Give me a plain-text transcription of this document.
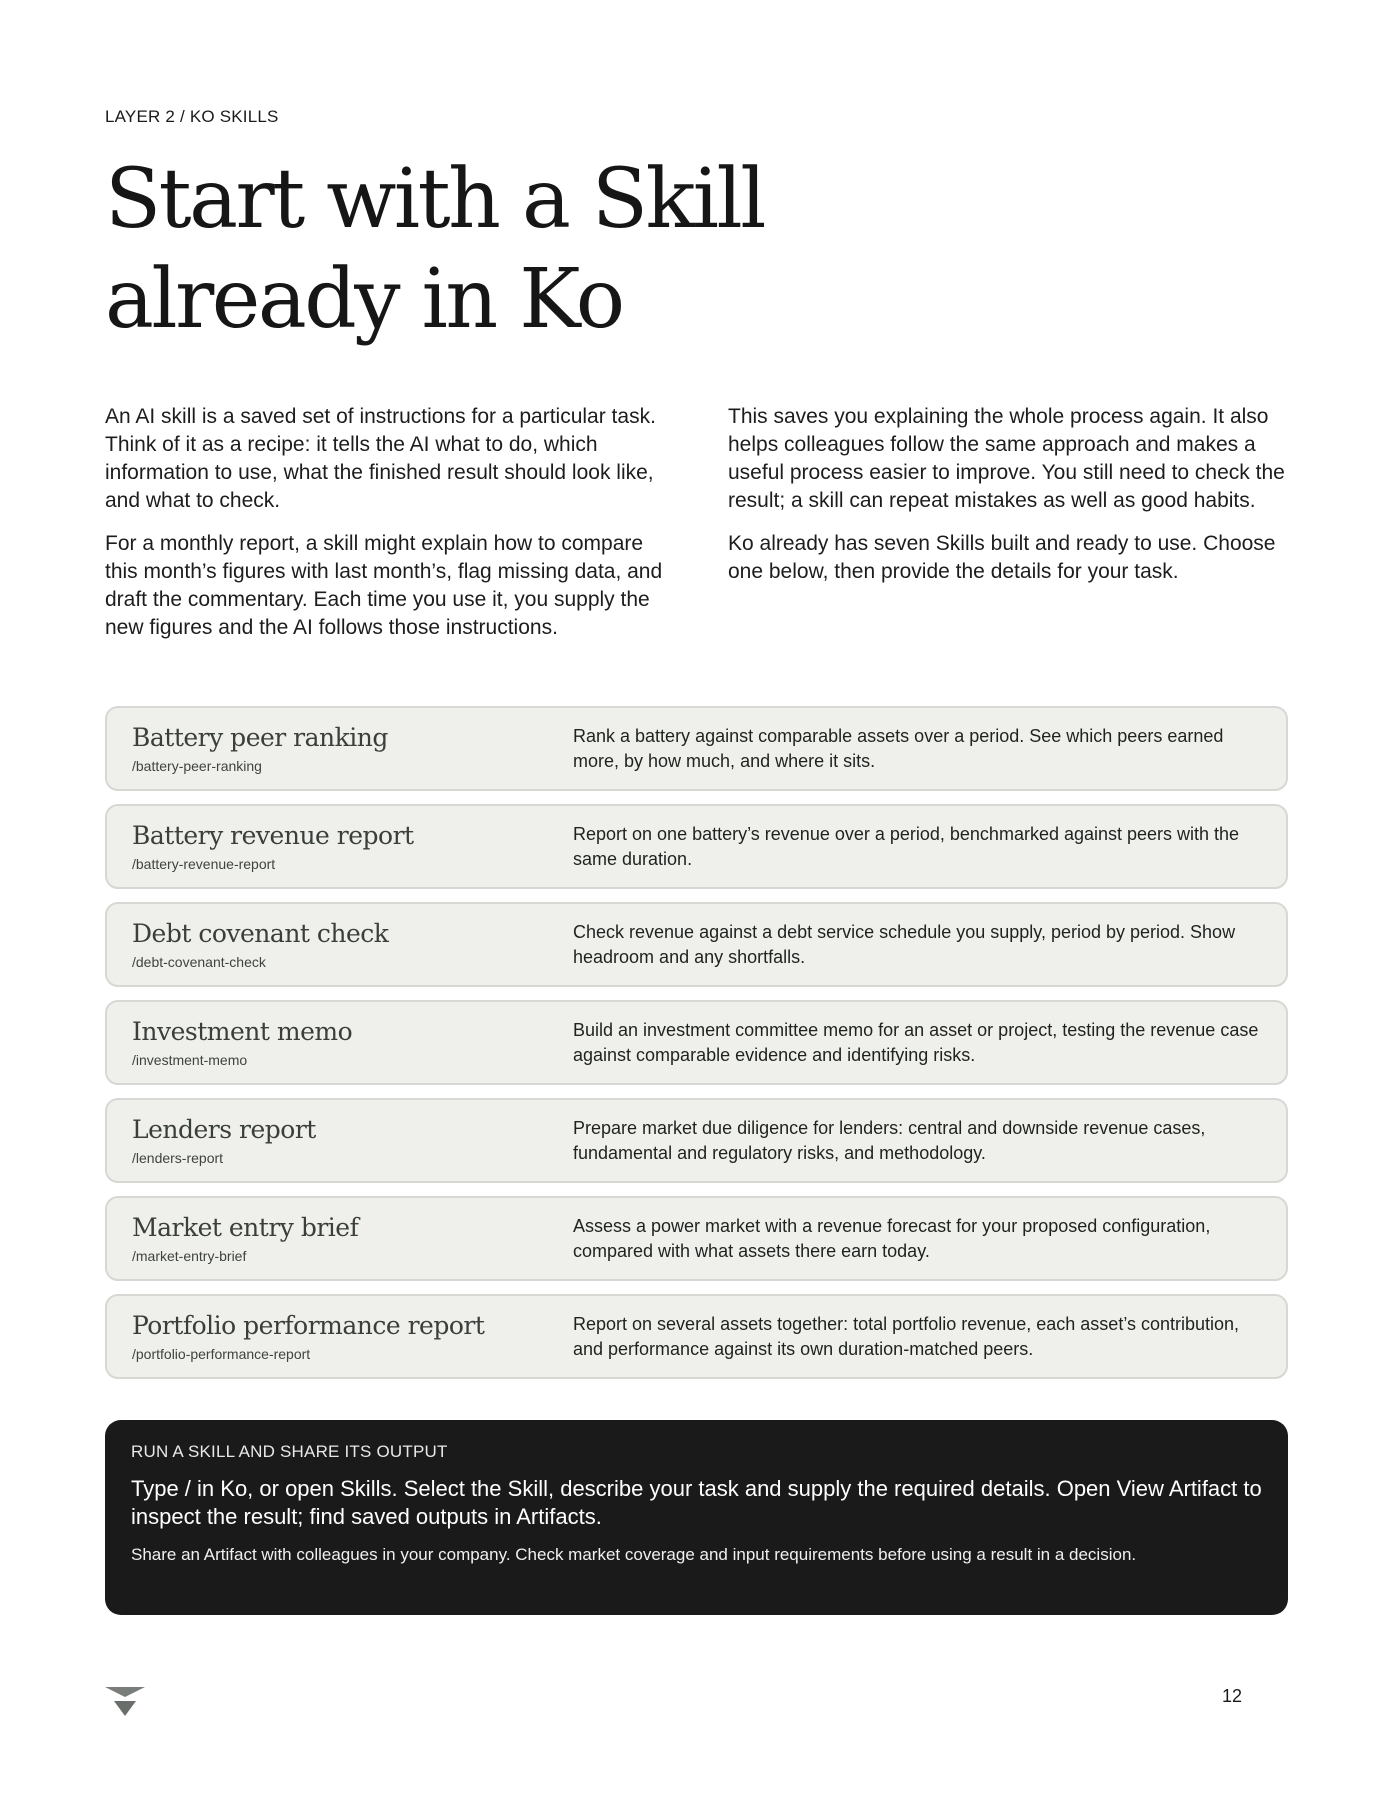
LAYER 2 / KO SKILLS
Start with a Skill
already in Ko

An AI skill is a saved set of instructions for a particular task. Think of it as a recipe: it tells the AI what to do, which information to use, what the finished result should look like, and what to check.

For a monthly report, a skill might explain how to compare this month’s figures with last month’s, flag missing data, and draft the commentary. Each time you use it, you supply the new figures and the AI follows those instructions.

This saves you explaining the whole process again. It also helps colleagues follow the same approach and makes a useful process easier to improve. You still need to check the result; a skill can repeat mistakes as well as good habits.

Ko already has seven Skills built and ready to use. Choose one below, then provide the details for your task.

Battery peer ranking
/battery-peer-ranking
Rank a battery against comparable assets over a period. See which peers earned more, by how much, and where it sits.
Battery revenue report
/battery-revenue-report
Report on one battery’s revenue over a period, benchmarked against peers with the same duration.
Debt covenant check
/debt-covenant-check
Check revenue against a debt service schedule you supply, period by period. Show headroom and any shortfalls.
Investment memo
/investment-memo
Build an investment committee memo for an asset or project, testing the revenue case against comparable evidence and identifying risks.
Lenders report
/lenders-report
Prepare market due diligence for lenders: central and downside revenue cases, fundamental and regulatory risks, and methodology.
Market entry brief
/market-entry-brief
Assess a power market with a revenue forecast for your proposed configuration, compared with what assets there earn today.
Portfolio performance report
/portfolio-performance-report
Report on several assets together: total portfolio revenue, each asset’s contribution, and performance against its own duration-matched peers.
RUN A SKILL AND SHARE ITS OUTPUT
Type / in Ko, or open Skills. Select the Skill, describe your task and supply the required details. Open View Artifact to inspect the result; find saved outputs in Artifacts.
Share an Artifact with colleagues in your company. Check market coverage and input requirements before using a result in a decision.
12
